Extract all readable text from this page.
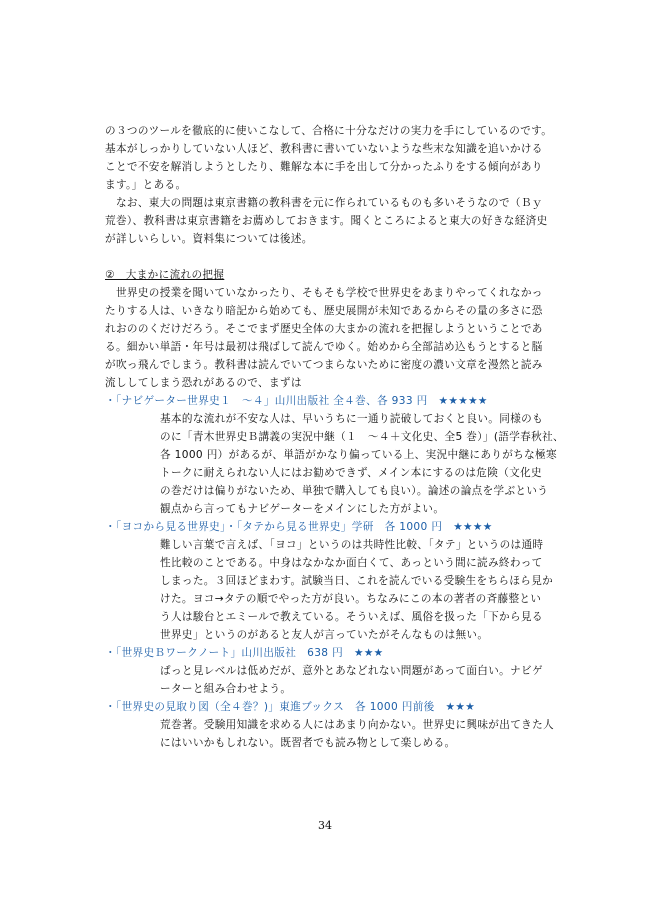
の３つのツールを徹底的に使いこなして、合格に十分なだけの実力を手にしているのです。
基本がしっかりしていない人ほど、教科書に書いていないような些末な知識を追いかける
ことで不安を解消しようとしたり、難解な本に手を出して分かったふりをする傾向があり
ます。」とある。
　なお、東大の問題は東京書籍の教科書を元に作られているものも多いそうなので（Ｂｙ
荒巻）、教科書は東京書籍をお薦めしておきます。聞くところによると東大の好きな経済史
が詳しいらしい。資料集については後述。
②　大まかに流れの把握
　世界史の授業を聞いていなかったり、そもそも学校で世界史をあまりやってくれなかっ
たりする人は、いきなり暗記から始めても、歴史展開が未知であるからその量の多さに恐
れおののくだけだろう。そこでまず歴史全体の大まかの流れを把握しようということであ
る。細かい単語・年号は最初は飛ばして読んでゆく。始めから全部詰め込もうとすると脳
が吹っ飛んでしまう。教科書は読んでいてつまらないために密度の濃い文章を漫然と読み
流ししてしまう恐れがあるので、まずは
・「ナビゲーター世界史１　～４」山川出版社 全４巻、各 933 円　★★★★★
基本的な流れが不安な人は、早いうちに一通り読破しておくと良い。同様のも
のに「青木世界史Ｂ講義の実況中継（１　～４＋文化史、全5 巻）」(語学春秋社、
各 1000 円）があるが、単語がかなり偏っている上、実況中継にありがちな極寒
トークに耐えられない人にはお勧めできず、メイン本にするのは危険（文化史
の巻だけは偏りがないため、単独で購入しても良い）。論述の論点を学ぶという
観点から言ってもナビゲーターをメインにした方がよい。
・「ヨコから見る世界史」・「タテから見る世界史」学研　各 1000 円　★★★★
難しい言葉で言えば、「ヨコ」というのは共時性比較、「タテ」というのは通時
性比較のことである。中身はなかなか面白くて、あっという間に読み終わって
しまった。３回ほどまわす。試験当日、これを読んでいる受験生をちらほら見か
けた。ヨコ→タテの順でやった方が良い。ちなみにこの本の著者の斉藤整とい
う人は駿台とエミールで教えている。そういえば、風俗を扱った「下から見る
世界史」というのがあると友人が言っていたがそんなものは無い。
・「世界史Ｂワークノート」山川出版社　638 円　★★★
ぱっと見レベルは低めだが、意外とあなどれない問題があって面白い。ナビゲ
ーターと組み合わせよう。
・「世界史の見取り図（全４巻？)」東進ブックス　各 1000 円前後　★★★
荒巻著。受験用知識を求める人にはあまり向かない。世界史に興味が出てきた人
にはいいかもしれない。既習者でも読み物として楽しめる。
34
